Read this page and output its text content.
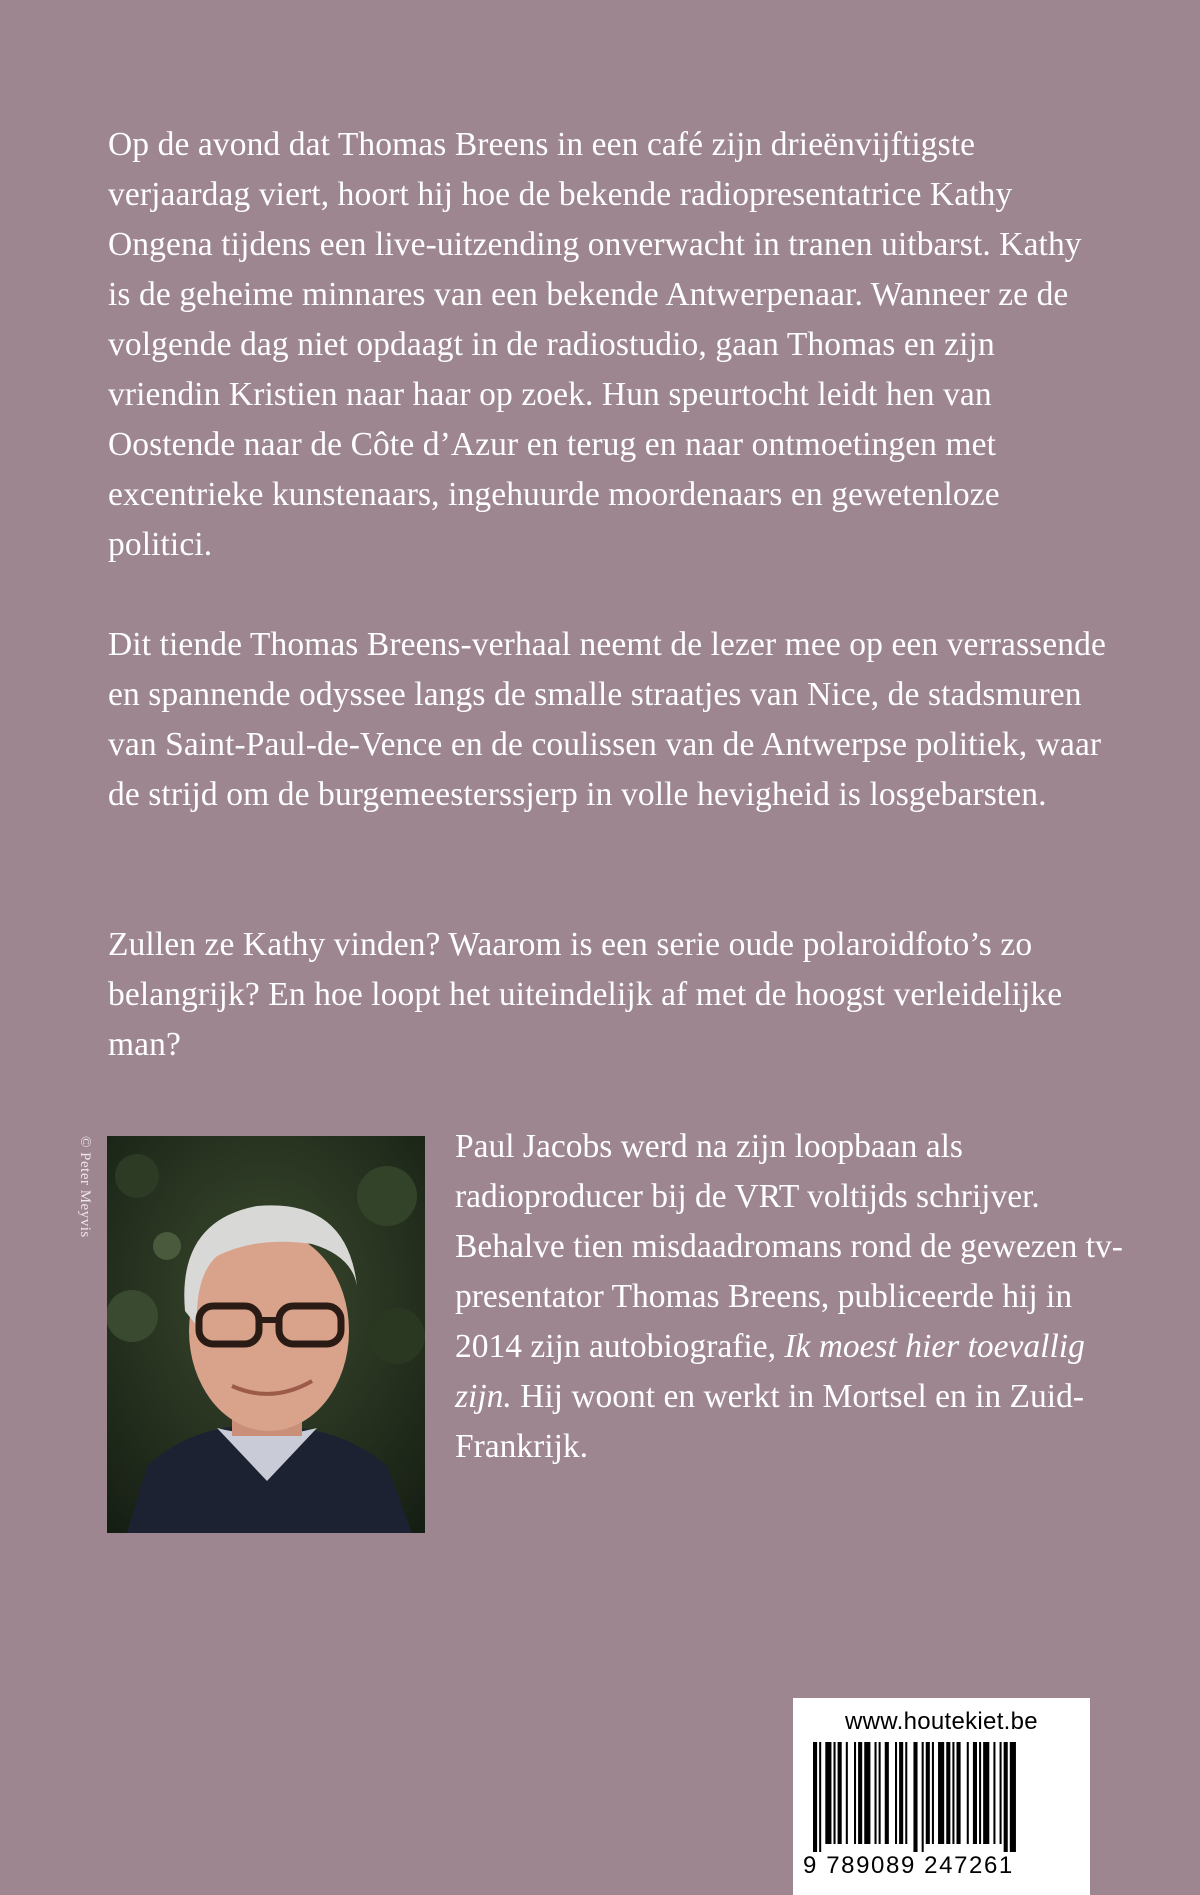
Op de avond dat Thomas Breens in een café zijn drieënvijftigste verjaardag viert, hoort hij hoe de bekende radiopresentatrice Kathy Ongena tijdens een live-uitzending onverwacht in tranen uitbarst. Kathy is de geheime minnares van een bekende Antwerpenaar. Wanneer ze de volgende dag niet opdaagt in de radiostudio, gaan Thomas en zijn vriendin Kristien naar haar op zoek. Hun speurtocht leidt hen van Oostende naar de Côte d’Azur en terug en naar ontmoetingen met excentrieke kunstenaars, ingehuurde moordenaars en gewetenloze politici.

Dit tiende Thomas Breens-verhaal neemt de lezer mee op een verrassende en spannende odyssee langs de smalle straatjes van Nice, de stadsmuren van Saint-Paul-de-Vence en de coulissen van de Antwerpse politiek, waar de strijd om de burgemeesterssjerp in volle hevigheid is losgebarsten.

Zullen ze Kathy vinden? Waarom is een serie oude polaroidfoto’s zo belangrijk? En hoe loopt het uiteindelijk af met de hoogst verleidelijke man?

© Peter Meyvis	Paul Jacobs werd na zijn loopbaan als radioproducer bij de VRT voltijds schrijver. Behalve tien misdaadromans rond de gewezen tv-presentator Thomas Breens, publiceerde hij in 2014 zijn autobiografie, Ik moest hier toevallig zijn. Hij woont en werkt in Mortsel en in Zuid-Frankrijk.

www.houtekiet.be
9 789089 247261
